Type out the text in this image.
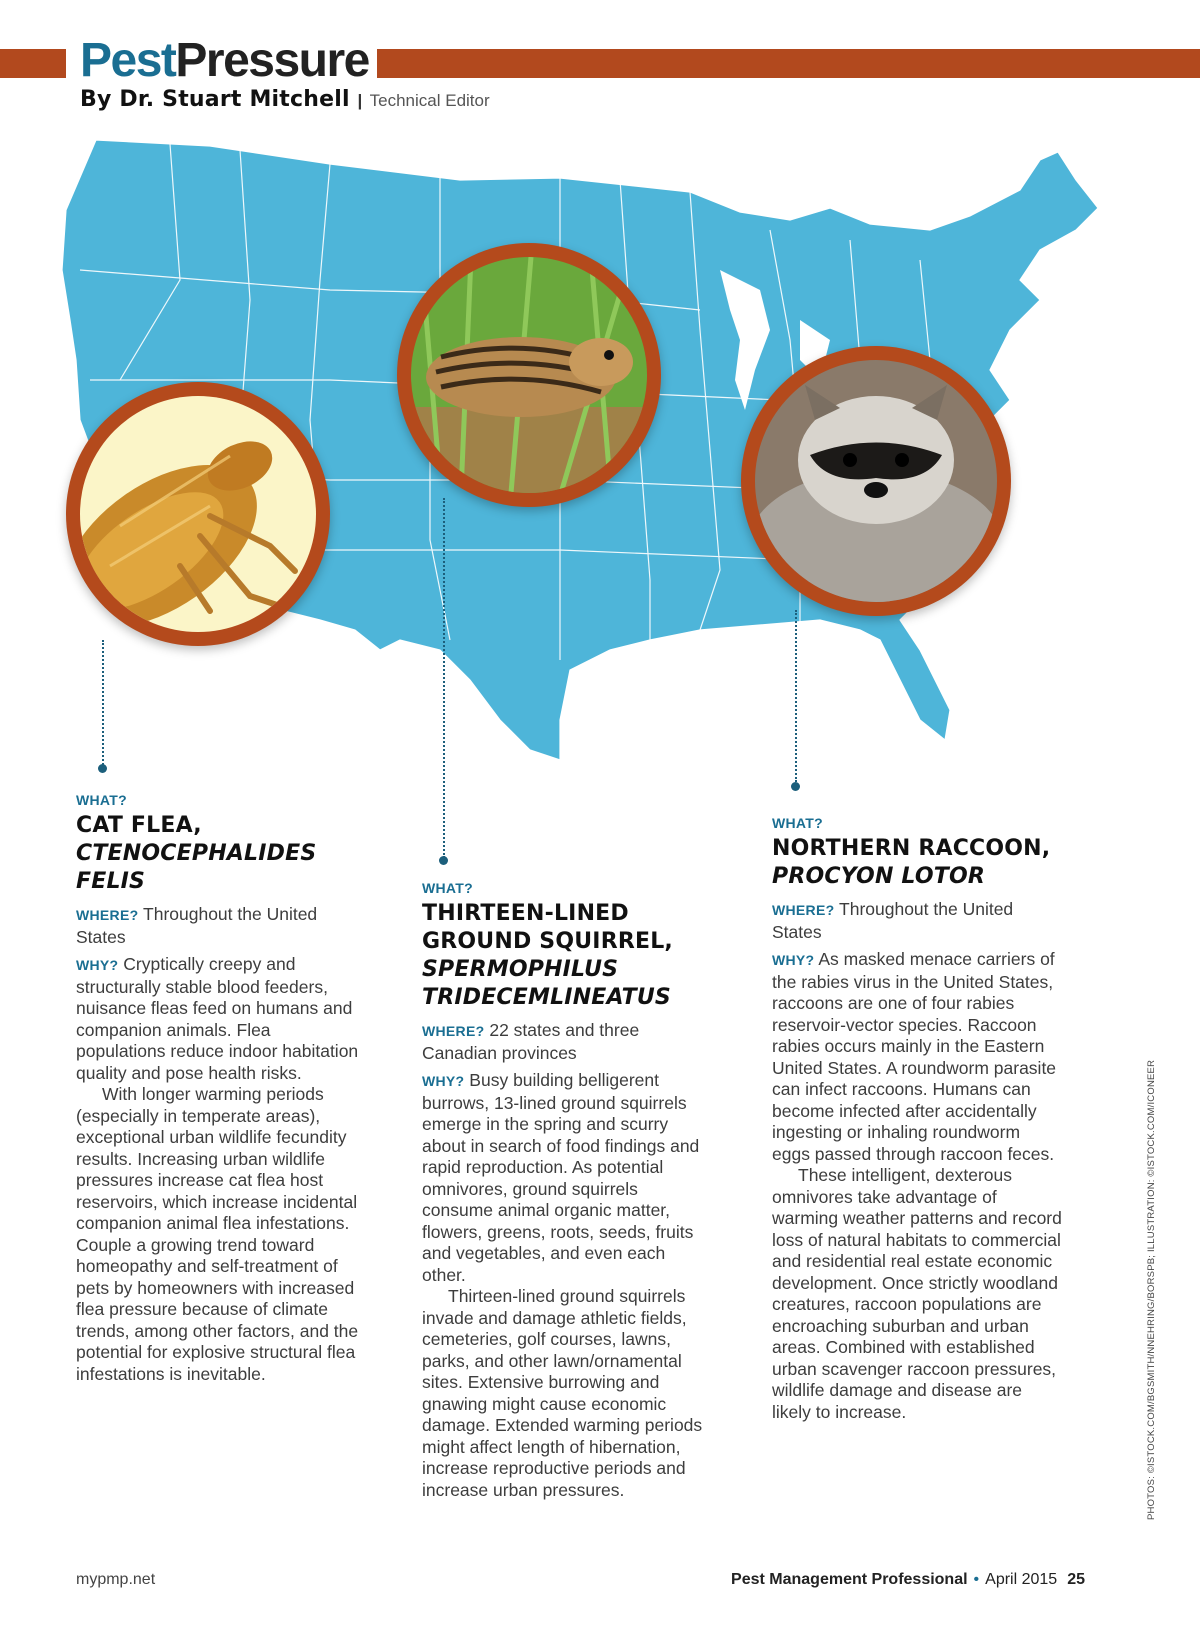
PestPressure
By Dr. Stuart Mitchell | Technical Editor
WHAT?
CAT FLEA,
CTENOCEPHALIDES
FELIS

WHERE? Throughout the United States

WHY? Cryptically creepy and structurally stable blood feeders, nuisance fleas feed on humans and companion animals. Flea populations reduce indoor habitation quality and pose health risks.

With longer warming periods (especially in temperate areas), exceptional urban wildlife fecundity results. Increasing urban wildlife pressures increase cat flea host reservoirs, which increase incidental companion animal flea infestations. Couple a growing trend toward homeopathy and self-treatment of pets by homeowners with increased flea pressure because of climate trends, among other factors, and the potential for explosive structural flea infestations is inevitable.

WHAT?
THIRTEEN-LINED
GROUND SQUIRREL,
SPERMOPHILUS
TRIDECEMLINEATUS

WHERE? 22 states and three Canadian provinces

WHY? Busy building belligerent burrows, 13-lined ground squirrels emerge in the spring and scurry about in search of food findings and rapid reproduction. As potential omnivores, ground squirrels consume animal organic matter, flowers, greens, roots, seeds, fruits and vegetables, and even each other.

Thirteen-lined ground squirrels invade and damage athletic fields, cemeteries, golf courses, lawns, parks, and other lawn/ornamental sites. Extensive burrowing and gnawing might cause economic damage. Extended warming periods might affect length of hibernation, increase reproductive periods and increase urban pressures.

WHAT?
NORTHERN RACCOON,
PROCYON LOTOR

WHERE? Throughout the United States

WHY? As masked menace carriers of the rabies virus in the United States, raccoons are one of four rabies reservoir-vector species. Raccoon rabies occurs mainly in the Eastern United States. A roundworm parasite can infect raccoons. Humans can become infected after accidentally ingesting or inhaling roundworm eggs passed through raccoon feces.

These intelligent, dexterous omnivores take advantage of warming weather patterns and record loss of natural habitats to commercial and residential real estate economic development. Once strictly woodland creatures, raccoon populations are encroaching suburban and urban areas. Combined with established urban scavenger raccoon pressures, wildlife damage and disease are likely to increase.	PHOTOS: ©ISTOCK.COM/BGSMITH/NNEHRING/BORSPB; ILLUSTRATION: ©ISTOCK.COM/ICONEER
mypmp.net	Pest Management Professional • April 2015 25
